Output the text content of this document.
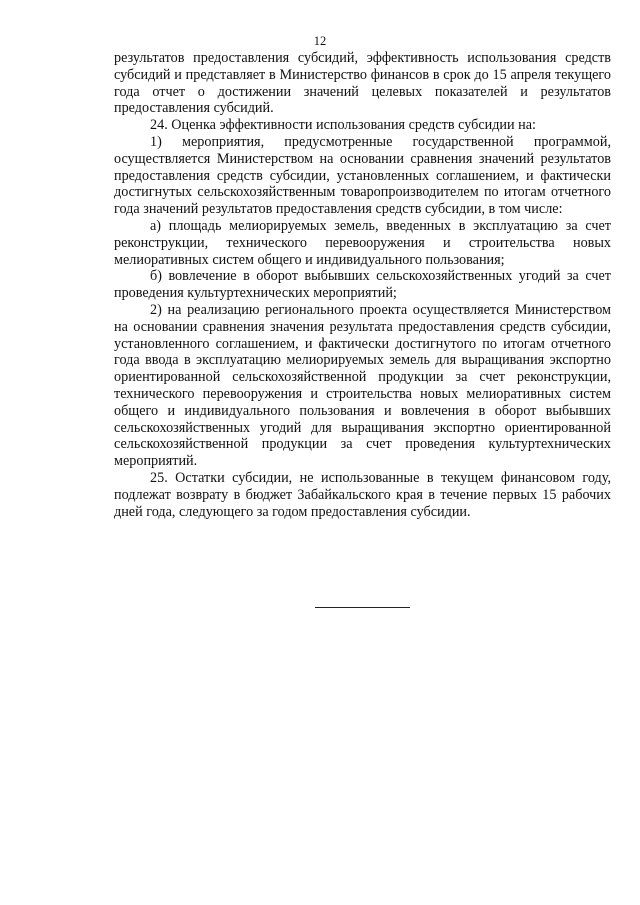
12

результатов предоставления субсидий, эффективность использования средств субсидий и представляет в Министерство финансов в срок до 15 апреля текущего года отчет о достижении значений целевых показателей и результатов предоставления субсидий.

24. Оценка эффективности использования средств субсидии на:

1) мероприятия, предусмотренные государственной программой, осуществляется Министерством на основании сравнения значений результатов предоставления средств субсидии, установленных соглашением, и фактически достигнутых сельскохозяйственным товаропроизводителем по итогам отчетного года значений результатов предоставления средств субсидии, в том числе:

а) площадь мелиорируемых земель, введенных в эксплуатацию за счет реконструкции, технического перевооружения и строительства новых мелиоративных систем общего и индивидуального пользования;

б) вовлечение в оборот выбывших сельскохозяйственных угодий за счет проведения культуртехнических мероприятий;

2) на реализацию регионального проекта осуществляется Министерством на основании сравнения значения результата предоставления средств субсидии, установленного соглашением, и фактически достигнутого по итогам отчетного года ввода в эксплуатацию мелиорируемых земель для выращивания экспортно ориентированной сельскохозяйственной продукции за счет реконструкции, технического перевооружения и строительства новых мелиоративных систем общего и индивидуального пользования и вовлечения в оборот выбывших сельскохозяйственных угодий для выращивания экспортно ориентированной сельскохозяйственной продукции за счет проведения культуртехнических мероприятий.

25. Остатки субсидии, не использованные в текущем финансовом году, подлежат возврату в бюджет Забайкальского края в течение первых 15 рабочих дней года, следующего за годом предоставления субсидии.
